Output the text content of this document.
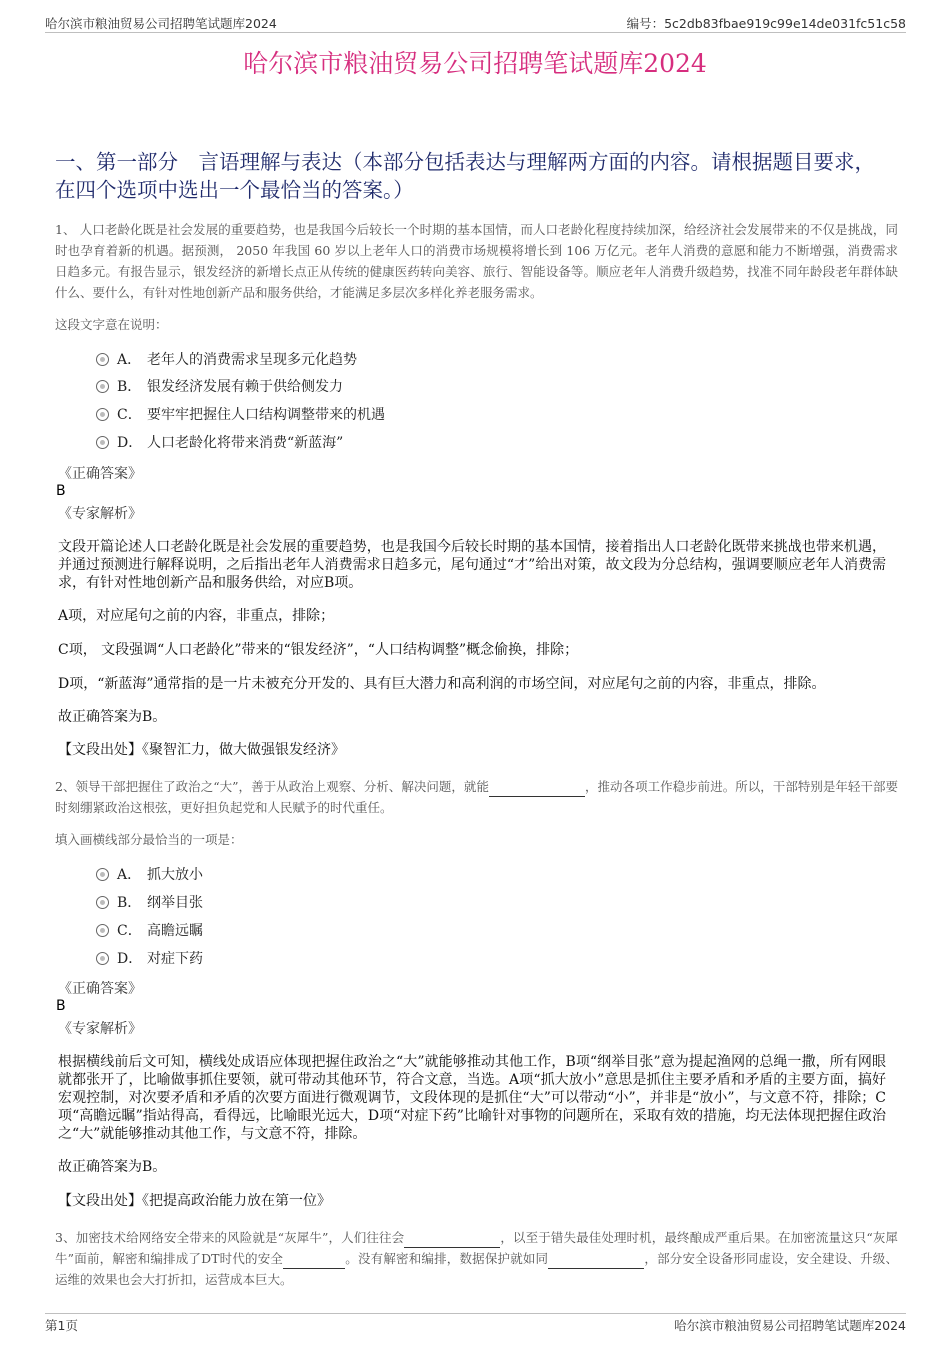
哈尔滨市粮油贸易公司招聘笔试题库2024	编号：5c2db83fbae919c99e14de031fc51c58
哈尔滨市粮油贸易公司招聘笔试题库2024
一、第一部分　言语理解与表达（本部分包括表达与理解两方面的内容。请根据题目要求，在四个选项中选出一个最恰当的答案。）
1、 人口老龄化既是社会发展的重要趋势，也是我国今后较长一个时期的基本国情，而人口老龄化程度持续加深，给经济社会发展带来的不仅是挑战，同时也孕育着新的机遇。据预测， 2050 年我国 60 岁以上老年人口的消费市场规模将增长到 106 万亿元。老年人消费的意愿和能力不断增强，消费需求日趋多元。有报告显示，银发经济的新增长点正从传统的健康医药转向美容、旅行、智能设备等。顺应老年人消费升级趋势，找准不同年龄段老年群体缺什么、要什么，有针对性地创新产品和服务供给，才能满足多层次多样化养老服务需求。
这段文字意在说明：
A． 老年人的消费需求呈现多元化趋势
B． 银发经济发展有赖于供给侧发力
C． 要牢牢把握住人口结构调整带来的机遇
D． 人口老龄化将带来消费“新蓝海”
《正确答案》
B
《专家解析》
文段开篇论述人口老龄化既是社会发展的重要趋势，也是我国今后较长时期的基本国情，接着指出人口老龄化既带来挑战也带来机遇，并通过预测进行解释说明，之后指出老年人消费需求日趋多元，尾句通过“才”给出对策，故文段为分总结构，强调要顺应老年人消费需求，有针对性地创新产品和服务供给，对应B项。
A项，对应尾句之前的内容，非重点，排除；
C项， 文段强调“人口老龄化”带来的“银发经济”，“人口结构调整”概念偷换，排除；
D项，“新蓝海”通常指的是一片未被充分开发的、具有巨大潜力和高利润的市场空间，对应尾句之前的内容，非重点，排除。
故正确答案为B。
【文段出处】《聚智汇力，做大做强银发经济》
2、领导干部把握住了政治之“大”，善于从政治上观察、分析、解决问题，就能	，推动各项工作稳步前进。所以，干部特别是年轻干部要时刻绷紧政治这根弦，更好担负起党和人民赋予的时代重任。
填入画横线部分最恰当的一项是：
A． 抓大放小
B． 纲举目张
C． 高瞻远瞩
D． 对症下药
《正确答案》
B
《专家解析》
根据横线前后文可知，横线处成语应体现把握住政治之“大”就能够推动其他工作，B项“纲举目张”意为提起渔网的总绳一撒，所有网眼就都张开了，比喻做事抓住要领，就可带动其他环节，符合文意，当选。A项“抓大放小”意思是抓住主要矛盾和矛盾的主要方面，搞好宏观控制，对次要矛盾和矛盾的次要方面进行微观调节，文段体现的是抓住“大”可以带动“小”，并非是“放小”，与文意不符，排除；C项“高瞻远瞩”指站得高，看得远，比喻眼光远大，D项“对症下药”比喻针对事物的问题所在，采取有效的措施，均无法体现把握住政治之“大”就能够推动其他工作，与文意不符，排除。
故正确答案为B。
【文段出处】《把提高政治能力放在第一位》
3、加密技术给网络安全带来的风险就是“灰犀牛”，人们往往会	，以至于错失最佳处理时机，最终酿成严重后果。在加密流量这只“灰犀牛”面前，解密和编排成了DT时代的安全	。没有解密和编排，数据保护就如同	，部分安全设备形同虚设，安全建设、升级、运维的效果也会大打折扣，运营成本巨大。
第1页	哈尔滨市粮油贸易公司招聘笔试题库2024
